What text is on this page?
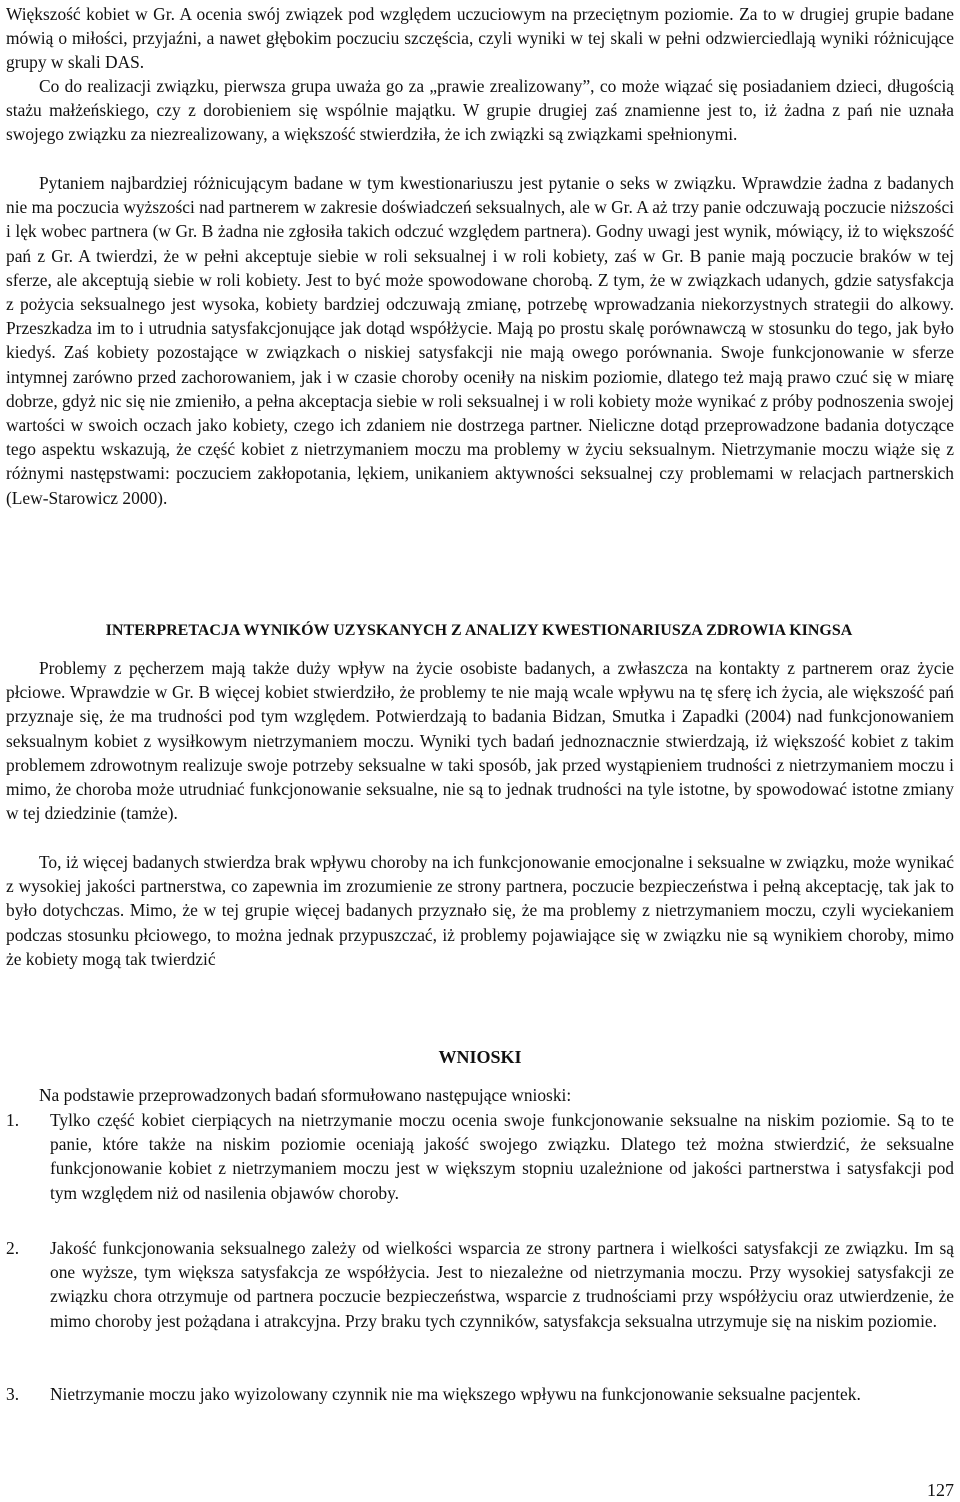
Większość kobiet w Gr. A ocenia swój związek pod względem uczuciowym na przeciętnym poziomie. Za to w drugiej grupie badane mówią o miłości, przyjaźni, a nawet głębokim poczuciu szczęścia, czyli wyniki w tej skali w pełni odzwierciedlają wyniki różnicujące grupy w skali DAS.

Co do realizacji związku, pierwsza grupa uważa go za „prawie zrealizowany”, co może wiązać się posiadaniem dzieci, długością stażu małżeńskiego, czy z dorobieniem się wspólnie majątku. W grupie drugiej zaś znamienne jest to, iż żadna z pań nie uznała swojego związku za niezrealizowany, a większość stwierdziła, że ich związki są związkami spełnionymi.

Pytaniem najbardziej różnicującym badane w tym kwestionariuszu jest pytanie o seks w związku. Wprawdzie żadna z badanych nie ma poczucia wyższości nad partnerem w zakresie doświadczeń seksualnych, ale w Gr. A aż trzy panie odczuwają poczucie niższości i lęk wobec partnera (w Gr. B żadna nie zgłosiła takich odczuć względem partnera). Godny uwagi jest wynik, mówiący, iż to większość pań z Gr. A twierdzi, że w pełni akceptuje siebie w roli seksualnej i w roli kobiety, zaś w Gr. B panie mają poczucie braków w tej sferze, ale akceptują siebie w roli kobiety. Jest to być może spowodowane chorobą. Z tym, że w związkach udanych, gdzie satysfakcja z pożycia seksualnego jest wysoka, kobiety bardziej odczuwają zmianę, potrzebę wprowadzania niekorzystnych strategii do alkowy. Przeszkadza im to i utrudnia satysfakcjonujące jak dotąd współżycie. Mają po prostu skalę porównawczą w stosunku do tego, jak było kiedyś. Zaś kobiety pozostające w związkach o niskiej satysfakcji nie mają owego porównania. Swoje funkcjonowanie w sferze intymnej zarówno przed zachorowaniem, jak i w czasie choroby oceniły na niskim poziomie, dlatego też mają prawo czuć się w miarę dobrze, gdyż nic się nie zmieniło, a pełna akceptacja siebie w roli seksualnej i w roli kobiety może wynikać z próby podnoszenia swojej wartości w swoich oczach jako kobiety, czego ich zdaniem nie dostrzega partner. Nieliczne dotąd przeprowadzone badania dotyczące tego aspektu wskazują, że część kobiet z nietrzymaniem moczu ma problemy w życiu seksualnym. Nietrzymanie moczu wiąże się z różnymi następstwami: poczuciem zakłopotania, lękiem, unikaniem aktywności seksualnej czy problemami w relacjach partnerskich (Lew-Starowicz 2000).

INTERPRETACJA WYNIKÓW UZYSKANYCH Z ANALIZY KWESTIONARIUSZA ZDROWIA KINGSA

Problemy z pęcherzem mają także duży wpływ na życie osobiste badanych, a zwłaszcza na kontakty z partnerem oraz życie płciowe. Wprawdzie w Gr. B więcej kobiet stwierdziło, że problemy te nie mają wcale wpływu na tę sferę ich życia, ale większość pań przyznaje się, że ma trudności pod tym względem. Potwierdzają to badania Bidzan, Smutka i Zapadki (2004) nad funkcjonowaniem seksualnym kobiet z wysiłkowym nietrzymaniem moczu. Wyniki tych badań jednoznacznie stwierdzają, iż większość kobiet z takim problemem zdrowotnym realizuje swoje potrzeby seksualne w taki sposób, jak przed wystąpieniem trudności z nietrzymaniem moczu i mimo, że choroba może utrudniać funkcjonowanie seksualne, nie są to jednak trudności na tyle istotne, by spowodować istotne zmiany w tej dziedzinie (tamże).

To, iż więcej badanych stwierdza brak wpływu choroby na ich funkcjonowanie emocjonalne i seksualne w związku, może wynikać z wysokiej jakości partnerstwa, co zapewnia im zrozumienie ze strony partnera, poczucie bezpieczeństwa i pełną akceptację, tak jak to było dotychczas. Mimo, że w tej grupie więcej badanych przyznało się, że ma problemy z nietrzymaniem moczu, czyli wyciekaniem podczas stosunku płciowego, to można jednak przypuszczać, iż problemy pojawiające się w związku nie są wynikiem choroby, mimo że kobiety mogą tak twierdzić

WNIOSKI

Na podstawie przeprowadzonych badań sformułowano następujące wnioski:

1.	Tylko część kobiet cierpiących na nietrzymanie moczu ocenia swoje funkcjonowanie seksualne na niskim poziomie. Są to te panie, które także na niskim poziomie oceniają jakość swojego związku. Dlatego też można stwierdzić, że seksualne funkcjonowanie kobiet z nietrzymaniem moczu jest w większym stopniu uzależnione od jakości partnerstwa i satysfakcji pod tym względem niż od nasilenia objawów choroby.

2.	Jakość funkcjonowania seksualnego zależy od wielkości wsparcia ze strony partnera i wielkości satysfakcji ze związku. Im są one wyższe, tym większa satysfakcja ze współżycia. Jest to niezależne od nietrzymania moczu. Przy wysokiej satysfakcji ze związku chora otrzymuje od partnera poczucie bezpieczeństwa, wsparcie z trudnościami przy współżyciu oraz utwierdzenie, że mimo choroby jest pożądana i atrakcyjna. Przy braku tych czynników, satysfakcja seksualna utrzymuje się na niskim poziomie.

3.	Nietrzymanie moczu jako wyizolowany czynnik nie ma większego wpływu na funkcjonowanie seksualne pacjentek.

127
